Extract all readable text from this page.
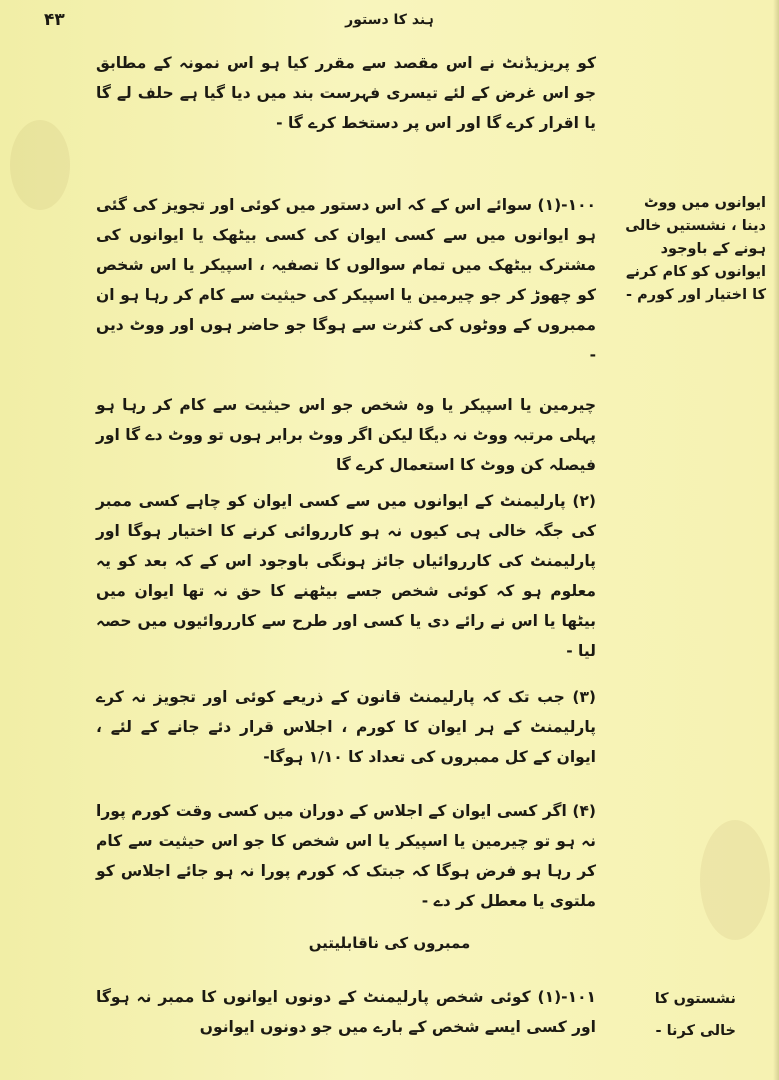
۴۳	ہند کا دستور

کو پریزیڈنٹ نے اس مقصد سے مقرر کیا ہو اس نمونہ کے مطابق جو اس غرض کے لئے تیسری فہرست بند میں دیا گیا ہے حلف لے گا یا اقرار کرے گا اور اس پر دستخط کرے گا -

۱۰۰-(۱) سوائے اس کے کہ اس دستور میں کوئی اور تجویز کی گئی ہو ایوانوں میں سے کسی ایوان کی کسی بیٹھک یا ایوانوں کی مشترک بیٹھک میں تمام سوالوں کا تصفیہ ، اسپیکر یا اس شخص کو چھوڑ کر جو چیرمین یا اسپیکر کی حیثیت سے کام کر رہا ہو ان ممبروں کے ووٹوں کی کثرت سے ہوگا جو حاضر ہوں اور ووٹ دیں -

چیرمین یا اسپیکر یا وہ شخص جو اس حیثیت سے کام کر رہا ہو پہلی مرتبہ ووٹ نہ دیگا لیکن اگر ووٹ برابر ہوں تو ووٹ دے گا اور فیصلہ کن ووٹ کا استعمال کرے گا

(۲) پارلیمنٹ کے ایوانوں میں سے کسی ایوان کو چاہے کسی ممبر کی جگہ خالی ہی کیوں نہ ہو کارروائی کرنے کا اختیار ہوگا اور پارلیمنٹ کی کارروائیاں جائز ہونگی باوجود اس کے کہ بعد کو یہ معلوم ہو کہ کوئی شخص جسے بیٹھنے کا حق نہ تھا ایوان میں بیٹھا یا اس نے رائے دی یا کسی اور طرح سے کارروائیوں میں حصہ لیا -

(۳) جب تک کہ پارلیمنٹ قانون کے ذریعے کوئی اور تجویز نہ کرے پارلیمنٹ کے ہر ایوان کا کورم ، اجلاس قرار دئے جانے کے لئے ، ایوان کے کل ممبروں کی تعداد کا ۱/۱۰ ہوگا-

(۴) اگر کسی ایوان کے اجلاس کے دوران میں کسی وقت کورم پورا نہ ہو تو چیرمین یا اسپیکر یا اس شخص کا جو اس حیثیت سے کام کر رہا ہو فرض ہوگا کہ جبتک کہ کورم پورا نہ ہو جائے اجلاس کو ملتوی یا معطل کر دے -

ممبروں کی ناقابلیتیں

۱۰۱-(۱) کوئی شخص پارلیمنٹ کے دونوں ایوانوں کا ممبر نہ ہوگا اور کسی ایسے شخص کے بارے میں جو دونوں ایوانوں

ایوانوں میں ووٹ دینا ، نشستیں خالی ہونے کے باوجود ایوانوں کو کام کرنے کا اختیار اور کورم -
نشستوں کا خالی کرنا -
